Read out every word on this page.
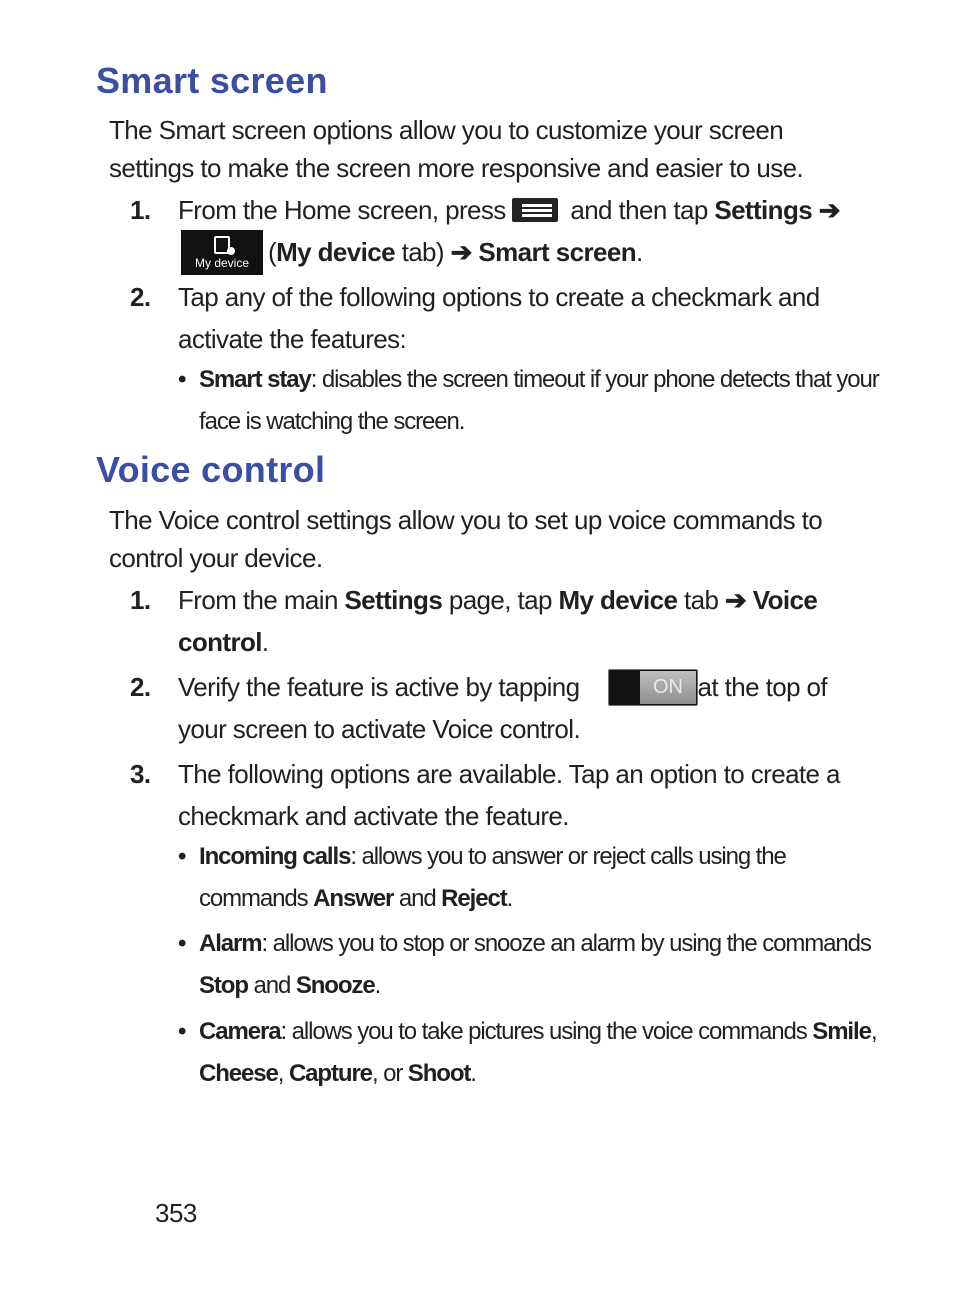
Smart screen

The Smart screen options allow you to customize your screen
settings to make the screen more responsive and easier to use.

1. From the Home screen, press and then tap Settings ➔
(My device tab) ➔ Smart screen.
My device
2. Tap any of the following options to create a checkmark and
activate the features:
• Smart stay: disables the screen timeout if your phone detects that your
face is watching the screen.
Voice control

The Voice control settings allow you to set up voice commands to
control your device.

1. From the main Settings page, tap My device tab ➔ Voice
control.
2. Verify the feature is active by tapping	at the top of
your screen to activate Voice control.
ON
3. The following options are available. Tap an option to create a
checkmark and activate the feature.
• Incoming calls: allows you to answer or reject calls using the
commands Answer and Reject.
• Alarm: allows you to stop or snooze an alarm by using the commands
Stop and Snooze.
• Camera: allows you to take pictures using the voice commands Smile,
Cheese, Capture, or Shoot.
353
